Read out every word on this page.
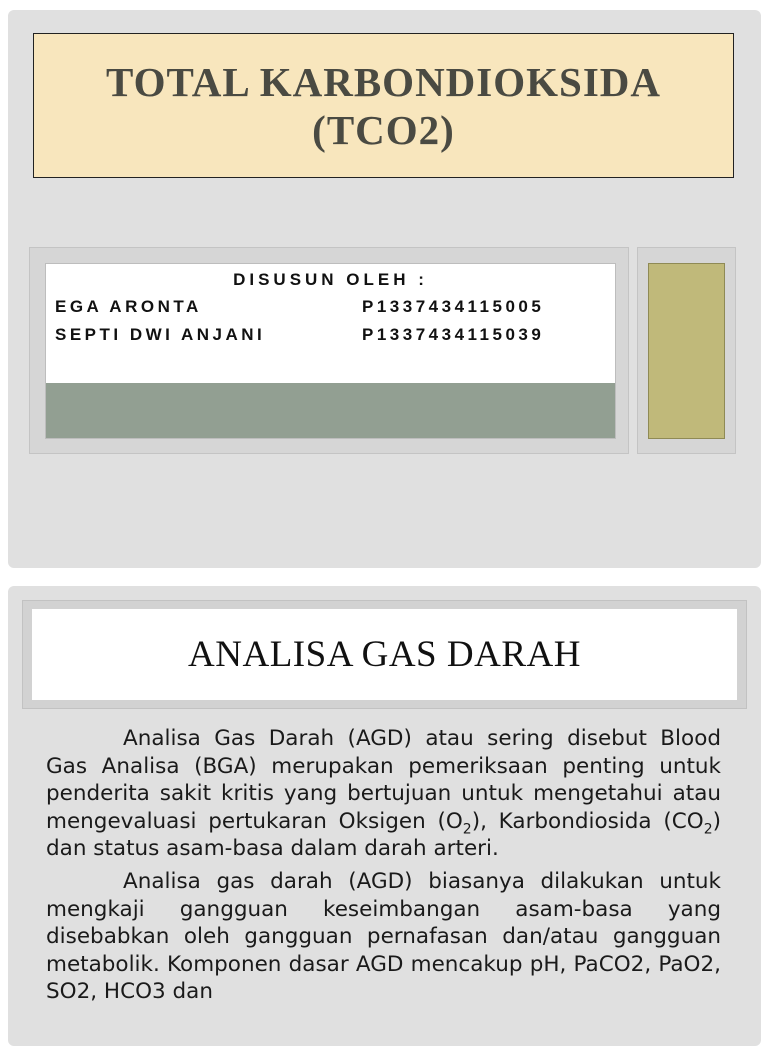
TOTAL KARBONDIOKSIDA
(TCO2)
DISUSUN OLEH :
EGA ARONTA	P1337434115005
SEPTI DWI ANJANI	P1337434115039
ANALISA GAS DARAH

Analisa Gas Darah (AGD) atau sering disebut Blood Gas Analisa (BGA) merupakan pemeriksaan penting untuk penderita sakit kritis yang bertujuan untuk mengetahui atau mengevaluasi pertukaran Oksigen $(O_2)$, Karbondiosida $(CO_2)$ dan status asam-basa dalam darah arteri.

Analisa gas darah (AGD) biasanya dilakukan untuk mengkaji gangguan keseimbangan asam-basa yang disebabkan oleh gangguan pernafasan dan/atau gangguan metabolik. Komponen dasar AGD mencakup pH, PaCO2, PaO2, SO2, HCO3 dan
